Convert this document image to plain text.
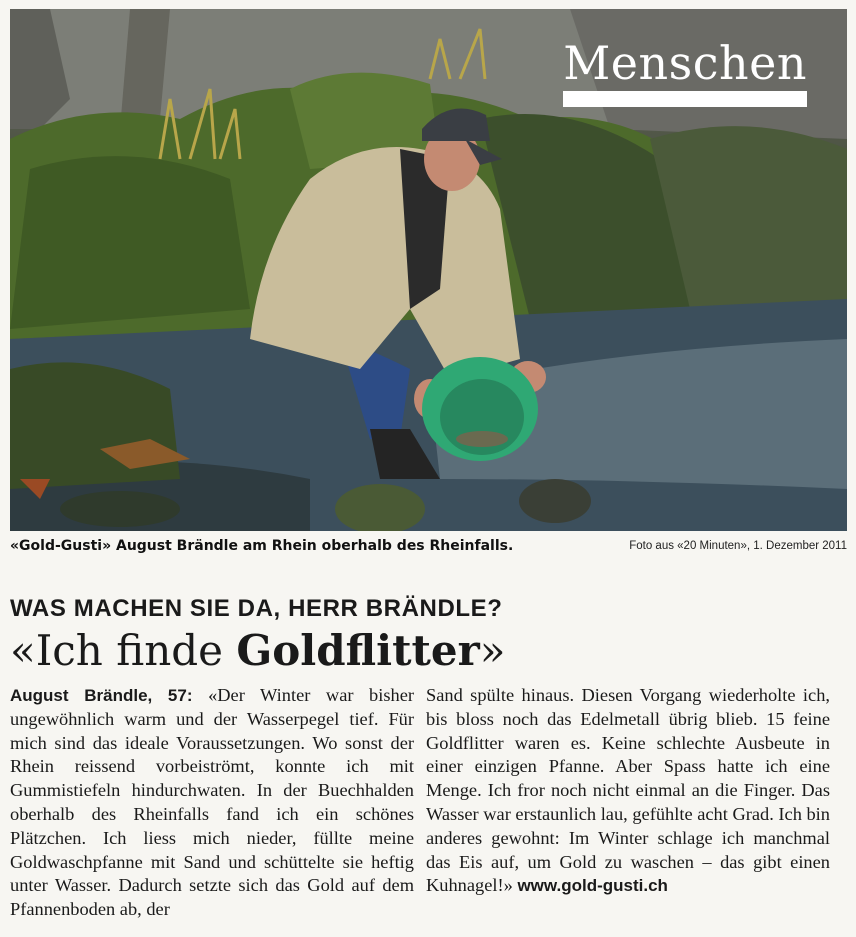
Menschen
«Gold-Gusti» August Brändle am Rhein oberhalb des Rheinfalls.	Foto aus «20 Minuten», 1. Dezember 2011
WAS MACHEN SIE DA, HERR BRÄNDLE?
«Ich finde Goldflitter»
August Brändle, 57: «Der Winter war bisher ungewöhnlich warm und der Wasserpegel tief. Für mich sind das ideale Voraussetzungen. Wo sonst der Rhein reissend vorbeiströmt, konnte ich mit Gummistiefeln hindurchwaten. In der Buechhalden oberhalb des Rheinfalls fand ich ein schönes Plätzchen. Ich liess mich nieder, füllte meine Goldwaschpfanne mit Sand und schüttelte sie heftig unter Wasser. Dadurch setzte sich das Gold auf dem Pfannenboden ab, der
Sand spülte hinaus. Diesen Vorgang wiederholte ich, bis bloss noch das Edelmetall übrig blieb. 15 feine Goldflitter waren es. Keine schlechte Ausbeute in einer einzigen Pfanne. Aber Spass hatte ich eine Menge. Ich fror noch nicht einmal an die Finger. Das Wasser war erstaunlich lau, gefühlte acht Grad. Ich bin anderes gewohnt: Im Winter schlage ich manchmal das Eis auf, um Gold zu waschen – das gibt einen Kuhnagel!» www.gold-gusti.ch
